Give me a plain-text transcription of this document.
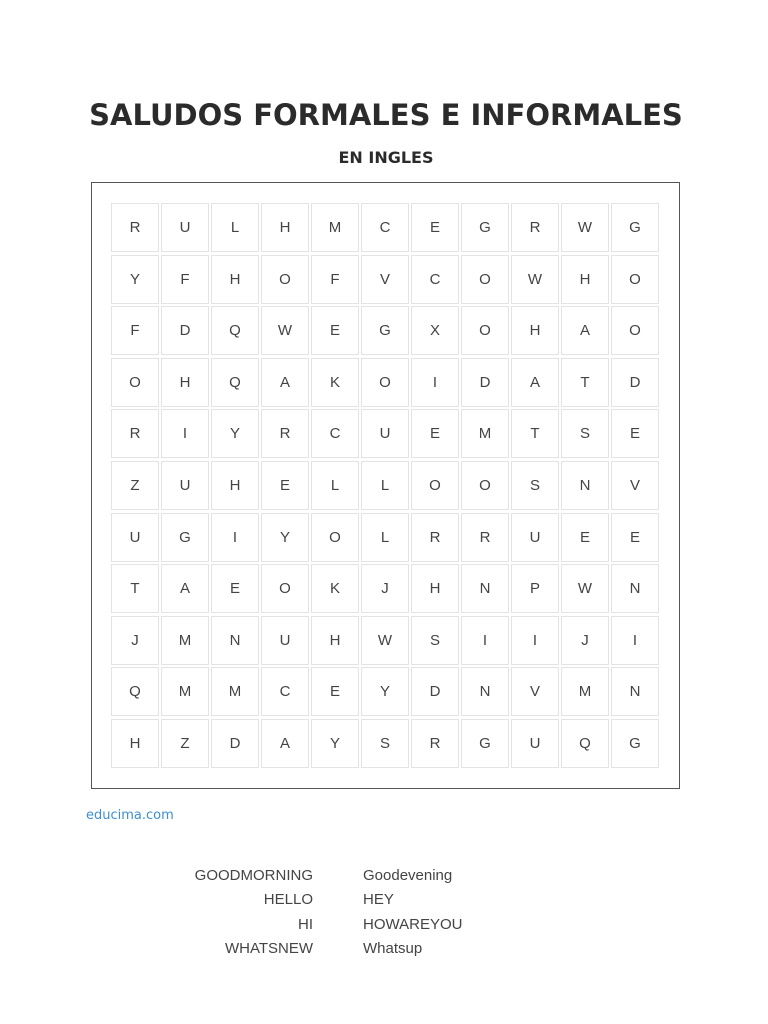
SALUDOS FORMALES E INFORMALES
EN INGLES
R	U	L	H	M	C	E	G	R	W	G
Y	F	H	O	F	V	C	O	W	H	O
F	D	Q	W	E	G	X	O	H	A	O
O	H	Q	A	K	O	I	D	A	T	D
R	I	Y	R	C	U	E	M	T	S	E
Z	U	H	E	L	L	O	O	S	N	V
U	G	I	Y	O	L	R	R	U	E	E
T	A	E	O	K	J	H	N	P	W	N
J	M	N	U	H	W	S	I	I	J	I
Q	M	M	C	E	Y	D	N	V	M	N
H	Z	D	A	Y	S	R	G	U	Q	G
educima.com
GOODMORNING
HELLO
HI
WHATSNEW
Goodevening
HEY
HOWAREYOU
Whatsup
